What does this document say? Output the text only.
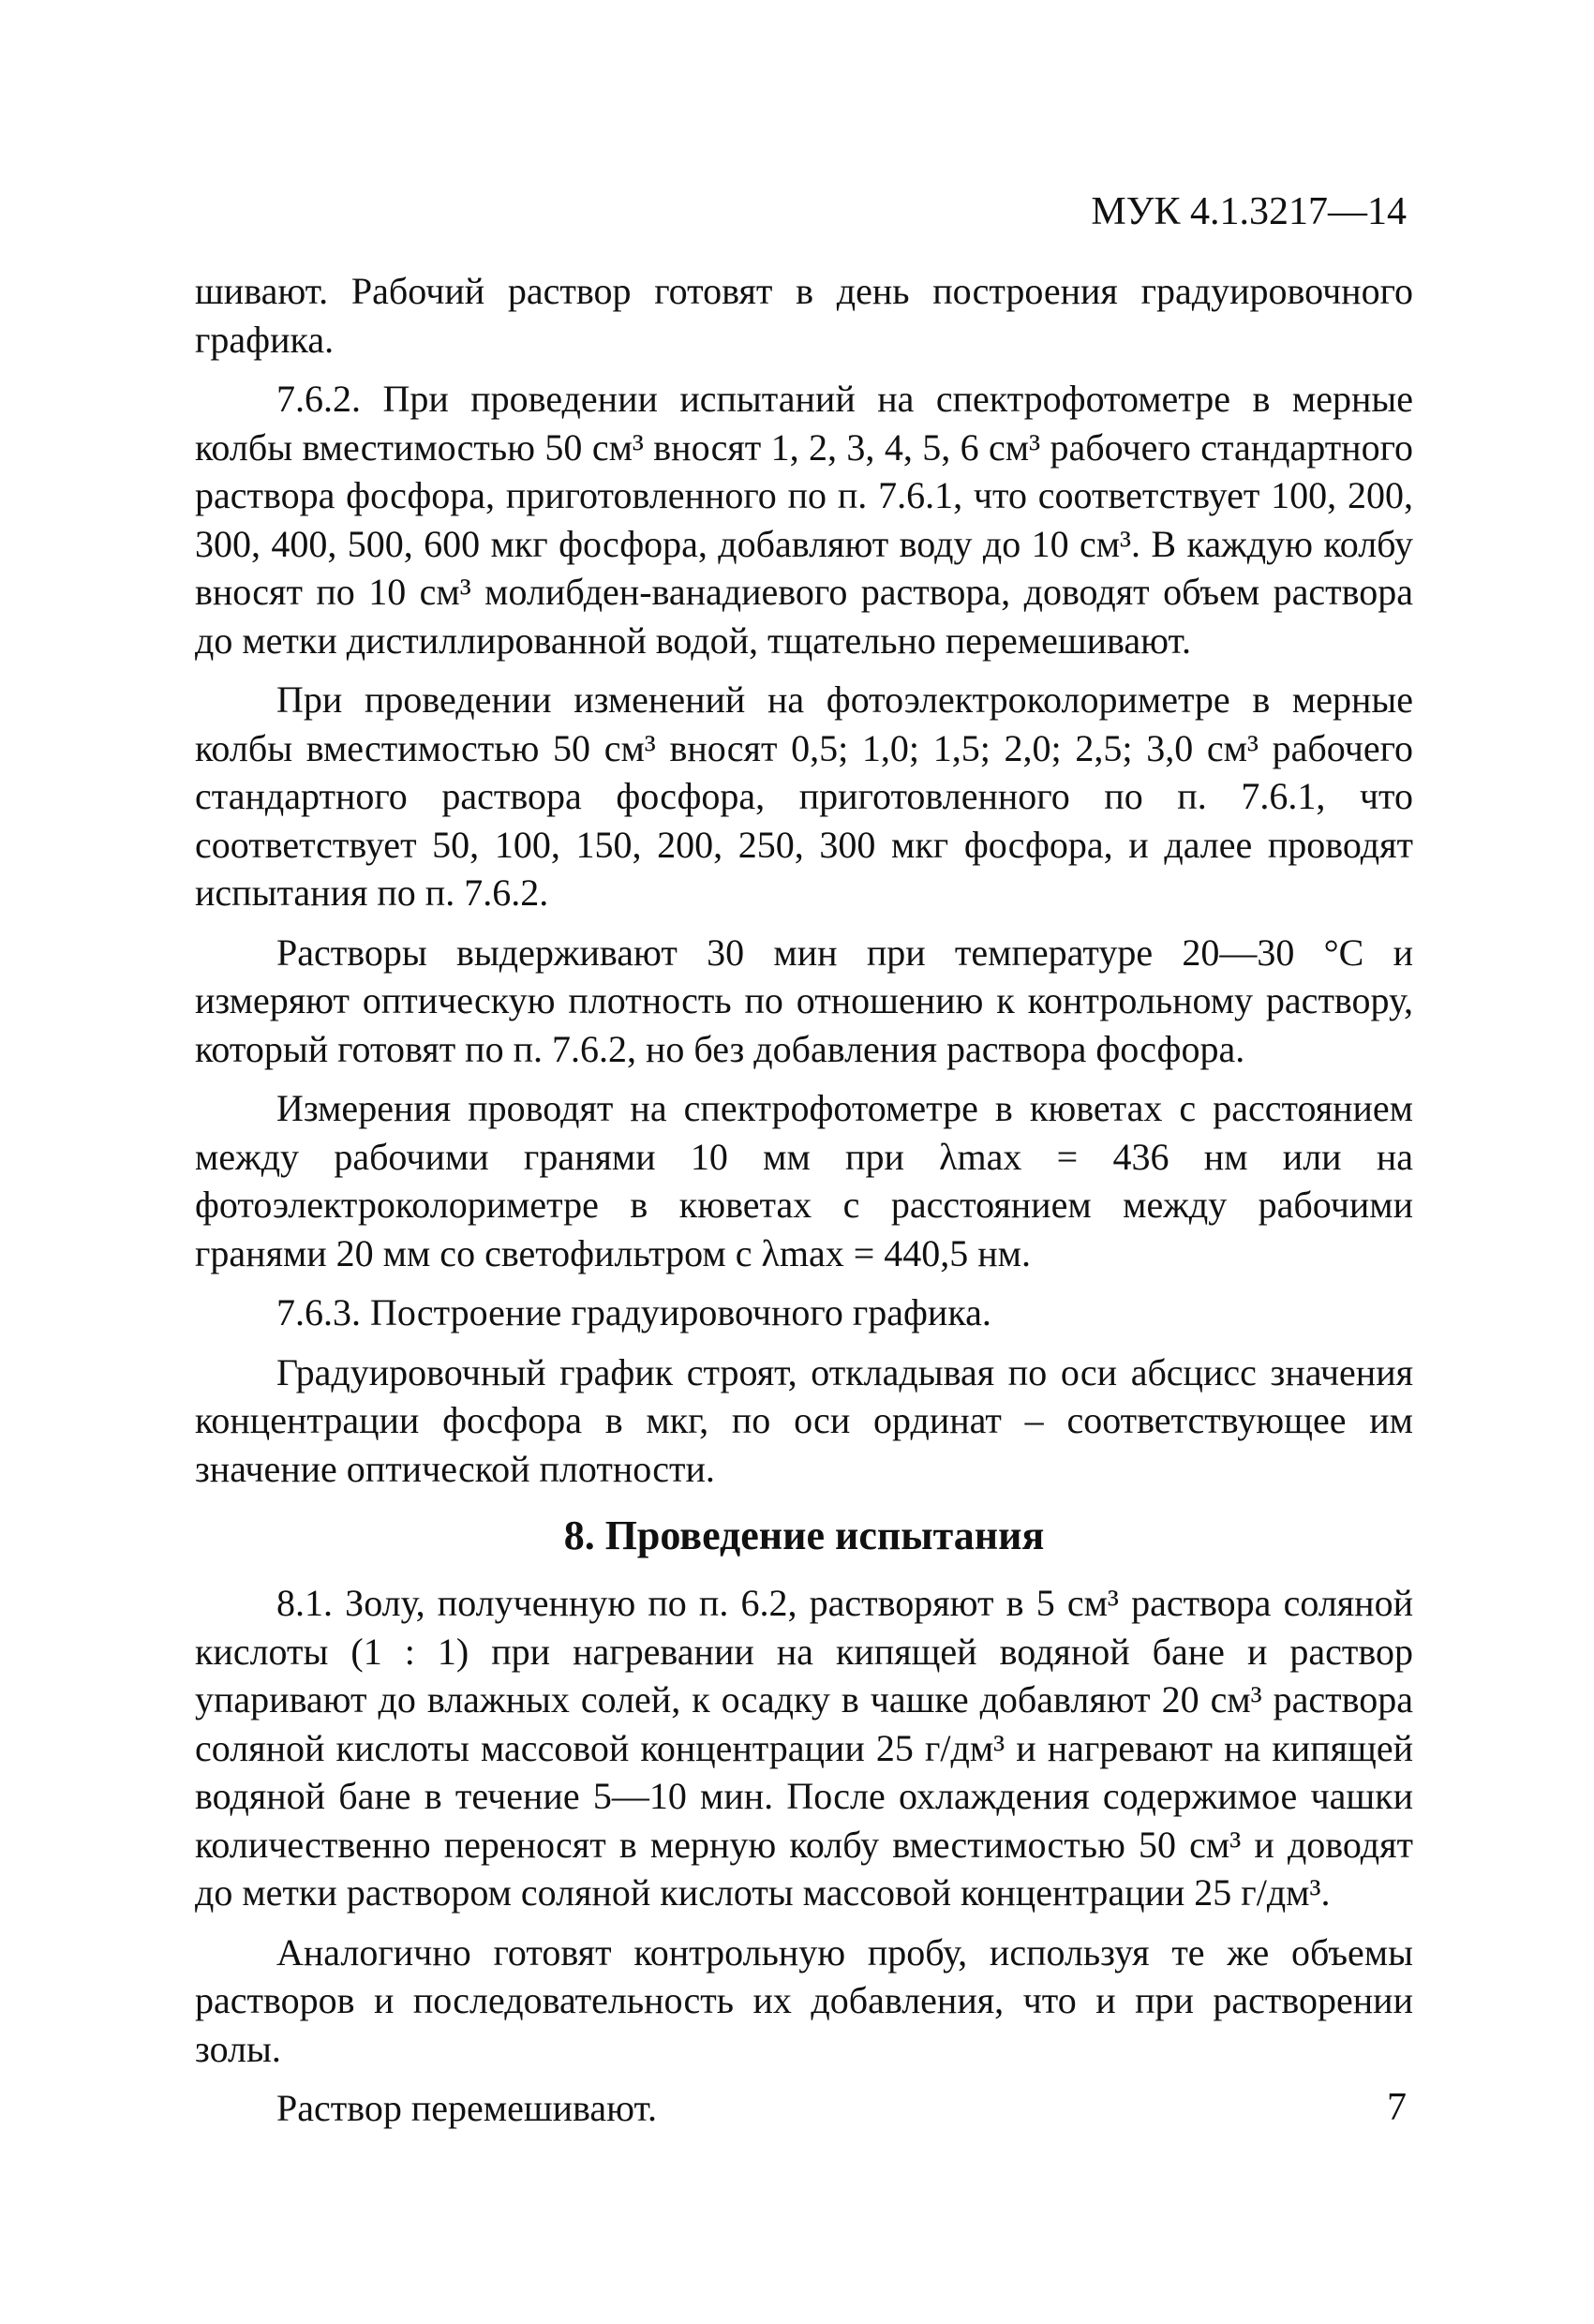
МУК 4.1.3217—14

шивают. Рабочий раствор готовят в день построения градуировочного графика.

7.6.2. При проведении испытаний на спектрофотометре в мерные колбы вместимостью 50 см³ вносят 1, 2, 3, 4, 5, 6 см³ рабочего стандартного раствора фосфора, приготовленного по п. 7.6.1, что соответствует 100, 200, 300, 400, 500, 600 мкг фосфора, добавляют воду до 10 см³. В каждую колбу вносят по 10 см³ молибден-ванадиевого раствора, доводят объем раствора до метки дистиллированной водой, тщательно перемешивают.

При проведении изменений на фотоэлектроколориметре в мерные колбы вместимостью 50 см³ вносят 0,5; 1,0; 1,5; 2,0; 2,5; 3,0 см³ рабочего стандартного раствора фосфора, приготовленного по п. 7.6.1, что соответствует 50, 100, 150, 200, 250, 300 мкг фосфора, и далее проводят испытания по п. 7.6.2.

Растворы выдерживают 30 мин при температуре 20—30 °С и измеряют оптическую плотность по отношению к контрольному раствору, который готовят по п. 7.6.2, но без добавления раствора фосфора.

Измерения проводят на спектрофотометре в кюветах с расстоянием между рабочими гранями 10 мм при λmax = 436 нм или на фотоэлектроколориметре в кюветах с расстоянием между рабочими гранями 20 мм со светофильтром с λmax = 440,5 нм.

7.6.3. Построение градуировочного графика.

Градуировочный график строят, откладывая по оси абсцисс значения концентрации фосфора в мкг, по оси ординат – соответствующее им значение оптической плотности.

8. Проведение испытания

8.1. Золу, полученную по п. 6.2, растворяют в 5 см³ раствора соляной кислоты (1 : 1) при нагревании на кипящей водяной бане и раствор упаривают до влажных солей, к осадку в чашке добавляют 20 см³ раствора соляной кислоты массовой концентрации 25 г/дм³ и нагревают на кипящей водяной бане в течение 5—10 мин. После охлаждения содержимое чашки количественно переносят в мерную колбу вместимостью 50 см³ и доводят до метки раствором соляной кислоты массовой концентрации 25 г/дм³.

Аналогично готовят контрольную пробу, используя те же объемы растворов и последовательность их добавления, что и при растворении золы.

Раствор перемешивают.	7
